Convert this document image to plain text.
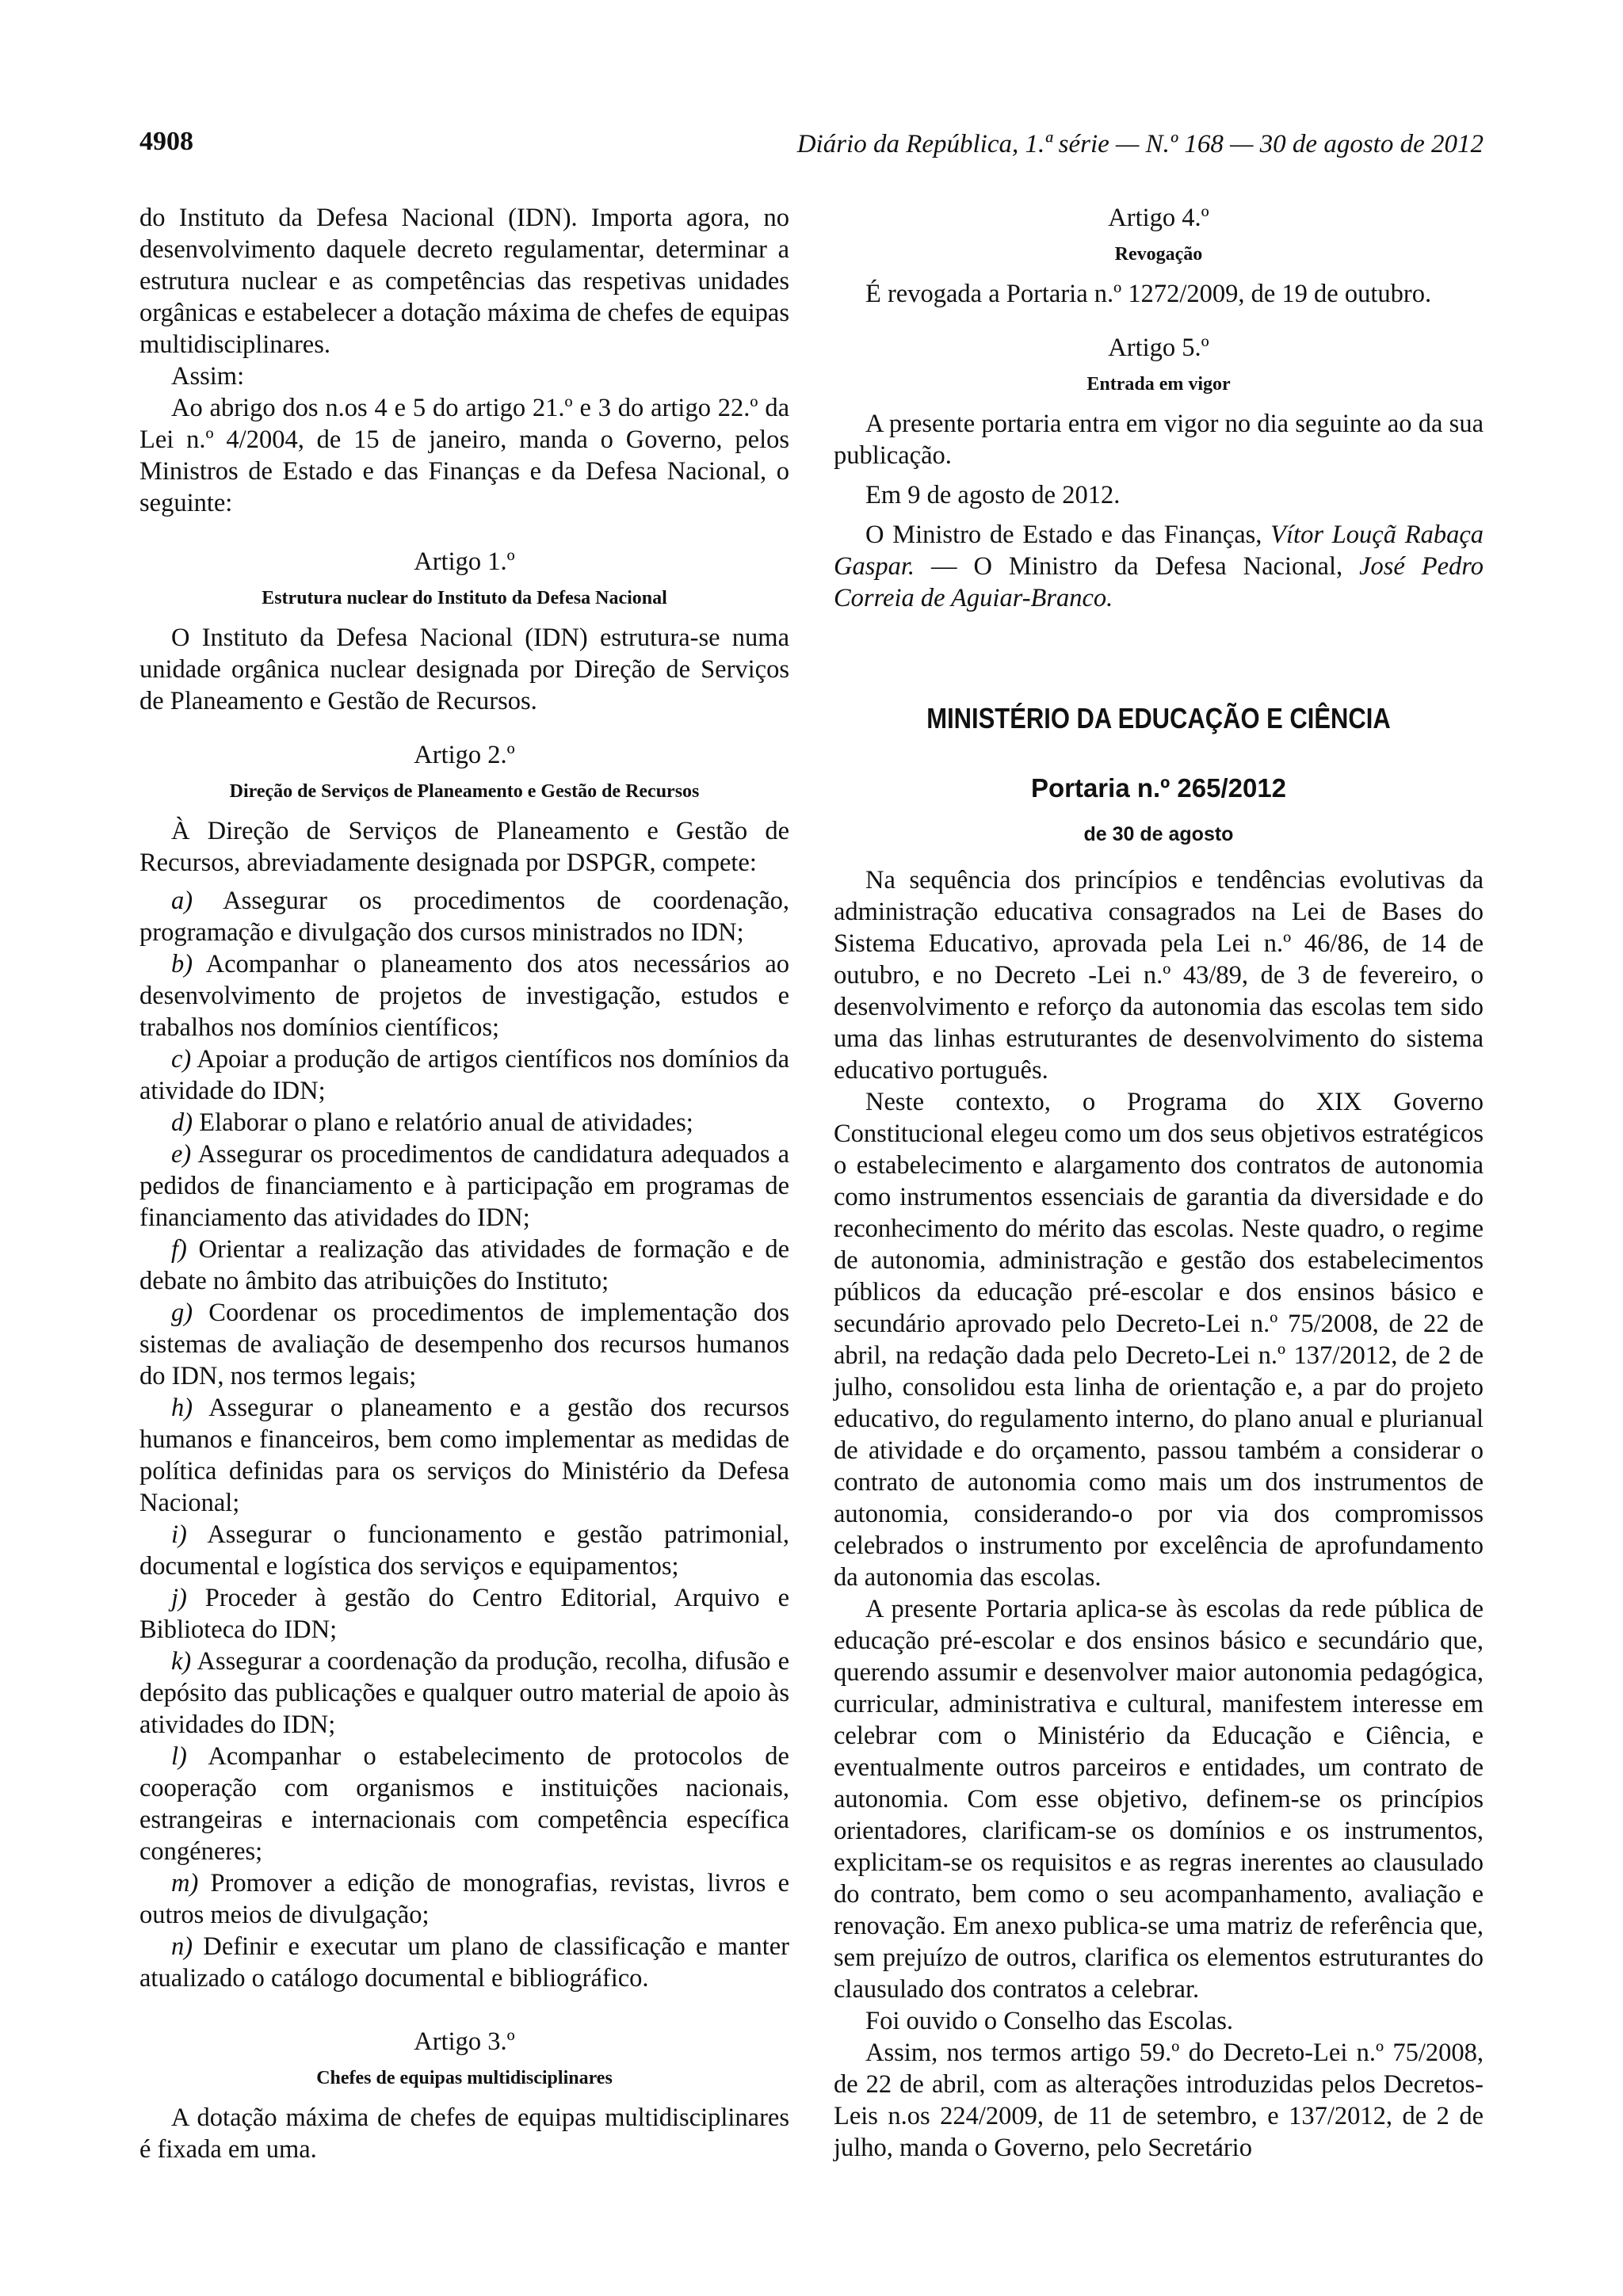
4908	Diário da República, 1.ª série — N.º 168 — 30 de agosto de 2012

do Instituto da Defesa Nacional (IDN). Importa agora, no desenvolvimento daquele decreto regulamentar, determinar a estrutura nuclear e as competências das respetivas unidades orgânicas e estabelecer a dotação máxima de chefes de equipas multidisciplinares.

Assim:

Ao abrigo dos n.os 4 e 5 do artigo 21.º e 3 do artigo 22.º da Lei n.º 4/2004, de 15 de janeiro, manda o Governo, pelos Ministros de Estado e das Finanças e da Defesa Nacional, o seguinte:

Artigo 1.º
Estrutura nuclear do Instituto da Defesa Nacional

O Instituto da Defesa Nacional (IDN) estrutura-se numa unidade orgânica nuclear designada por Direção de Serviços de Planeamento e Gestão de Recursos.

Artigo 2.º
Direção de Serviços de Planeamento e Gestão de Recursos

À Direção de Serviços de Planeamento e Gestão de Recursos, abreviadamente designada por DSPGR, compete:

a) Assegurar os procedimentos de coordenação, programação e divulgação dos cursos ministrados no IDN;

b) Acompanhar o planeamento dos atos necessários ao desenvolvimento de projetos de investigação, estudos e trabalhos nos domínios científicos;

c) Apoiar a produção de artigos científicos nos domínios da atividade do IDN;

d) Elaborar o plano e relatório anual de atividades;

e) Assegurar os procedimentos de candidatura adequados a pedidos de financiamento e à participação em programas de financiamento das atividades do IDN;

f) Orientar a realização das atividades de formação e de debate no âmbito das atribuições do Instituto;

g) Coordenar os procedimentos de implementação dos sistemas de avaliação de desempenho dos recursos humanos do IDN, nos termos legais;

h) Assegurar o planeamento e a gestão dos recursos humanos e financeiros, bem como implementar as medidas de política definidas para os serviços do Ministério da Defesa Nacional;

i) Assegurar o funcionamento e gestão patrimonial, documental e logística dos serviços e equipamentos;

j) Proceder à gestão do Centro Editorial, Arquivo e Biblioteca do IDN;

k) Assegurar a coordenação da produção, recolha, difusão e depósito das publicações e qualquer outro material de apoio às atividades do IDN;

l) Acompanhar o estabelecimento de protocolos de cooperação com organismos e instituições nacionais, estrangeiras e internacionais com competência específica congéneres;

m) Promover a edição de monografias, revistas, livros e outros meios de divulgação;

n) Definir e executar um plano de classificação e manter atualizado o catálogo documental e bibliográfico.

Artigo 3.º
Chefes de equipas multidisciplinares

A dotação máxima de chefes de equipas multidisciplinares é fixada em uma.

Artigo 4.º
Revogação

É revogada a Portaria n.º 1272/2009, de 19 de outubro.

Artigo 5.º
Entrada em vigor

A presente portaria entra em vigor no dia seguinte ao da sua publicação.

Em 9 de agosto de 2012.

O Ministro de Estado e das Finanças, Vítor Louçã Rabaça Gaspar. — O Ministro da Defesa Nacional, José Pedro Correia de Aguiar-Branco.

MINISTÉRIO DA EDUCAÇÃO E CIÊNCIA
Portaria n.º 265/2012
de 30 de agosto

Na sequência dos princípios e tendências evolutivas da administração educativa consagrados na Lei de Bases do Sistema Educativo, aprovada pela Lei n.º 46/86, de 14 de outubro, e no Decreto -Lei n.º 43/89, de 3 de fevereiro, o desenvolvimento e reforço da autonomia das escolas tem sido uma das linhas estruturantes de desenvolvimento do sistema educativo português.

Neste contexto, o Programa do XIX Governo Constitucional elegeu como um dos seus objetivos estratégicos o estabelecimento e alargamento dos contratos de autonomia como instrumentos essenciais de garantia da diversidade e do reconhecimento do mérito das escolas. Neste quadro, o regime de autonomia, administração e gestão dos estabelecimentos públicos da educação pré-escolar e dos ensinos básico e secundário aprovado pelo Decreto-Lei n.º 75/2008, de 22 de abril, na redação dada pelo Decreto-Lei n.º 137/2012, de 2 de julho, consolidou esta linha de orientação e, a par do projeto educativo, do regulamento interno, do plano anual e plurianual de atividade e do orçamento, passou também a considerar o contrato de autonomia como mais um dos instrumentos de autonomia, considerando-o por via dos compromissos celebrados o instrumento por excelência de aprofundamento da autonomia das escolas.

A presente Portaria aplica-se às escolas da rede pública de educação pré-escolar e dos ensinos básico e secundário que, querendo assumir e desenvolver maior autonomia pedagógica, curricular, administrativa e cultural, manifestem interesse em celebrar com o Ministério da Educação e Ciência, e eventualmente outros parceiros e entidades, um contrato de autonomia. Com esse objetivo, definem-se os princípios orientadores, clarificam-se os domínios e os instrumentos, explicitam-se os requisitos e as regras inerentes ao clausulado do contrato, bem como o seu acompanhamento, avaliação e renovação. Em anexo publica-se uma matriz de referência que, sem prejuízo de outros, clarifica os elementos estruturantes do clausulado dos contratos a celebrar.

Foi ouvido o Conselho das Escolas.

Assim, nos termos artigo 59.º do Decreto-Lei n.º 75/2008, de 22 de abril, com as alterações introduzidas pelos Decretos-Leis n.os 224/2009, de 11 de setembro, e 137/2012, de 2 de julho, manda o Governo, pelo Secretário
